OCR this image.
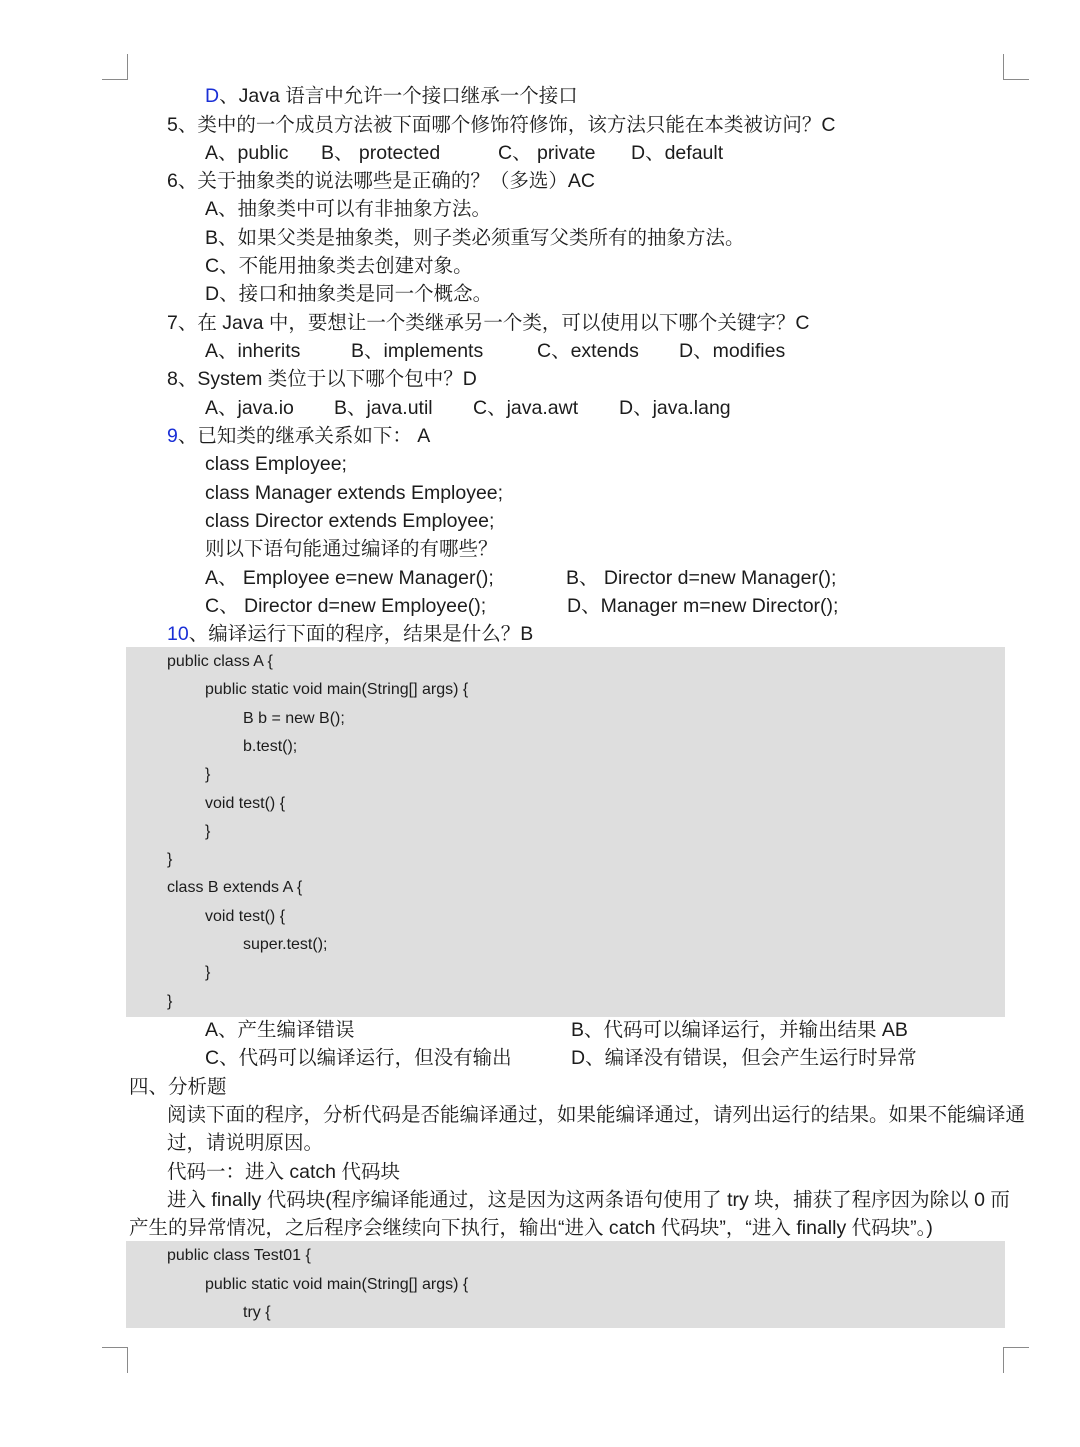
D、Java 语言中允许一个接口继承一个接口
5、类中的一个成员方法被下面哪个修饰符修饰，该方法只能在本类被访问？C
A、public B、 protected	C、 private D、default
6、关于抽象类的说法哪些是正确的？（多选）AC
A、抽象类中可以有非抽象方法。
B、如果父类是抽象类，则子类必须重写父类所有的抽象方法。
C、不能用抽象类去创建对象。
D、接口和抽象类是同一个概念。
7、在 Java 中，要想让一个类继承另一个类，可以使用以下哪个关键字？C
A、inherits	B、implements	C、extends D、modifies
8、System 类位于以下哪个包中？D
A、java.io B、java.util C、java.awt D、java.lang
9、已知类的继承关系如下： A
class Employee;
class Manager extends Employee;
class Director extends Employee;
则以下语句能通过编译的有哪些？
A、 Employee e=new Manager();	B、 Director d=new Manager();
C、 Director d=new Employee();	D、Manager m=new Director();
10、编译运行下面的程序，结果是什么？B
public class A {
public static void main(String[] args) {
B b = new B();
b.test();
}
void test() {
}
}
class B extends A {
void test() {
super.test();
}
}
A、产生编译错误	B、代码可以编译运行，并输出结果 AB
C、代码可以编译运行，但没有输出	D、编译没有错误，但会产生运行时异常
四、分析题
阅读下面的程序，分析代码是否能编译通过，如果能编译通过，请列出运行的结果。如果不能编译通
过，请说明原因。
代码一：进入 catch 代码块
进入 finally 代码块(程序编译能通过，这是因为这两条语句使用了 try 块，捕获了程序因为除以 0 而
产生的异常情况，之后程序会继续向下执行，输出“进入 catch 代码块”，“进入 finally 代码块”。)
public class Test01 {
public static void main(String[] args) {
try {
